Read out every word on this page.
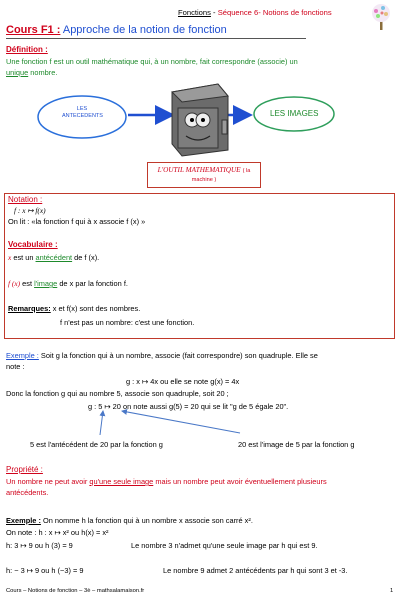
Fonctions - Séquence 6- Notions de fonctions
Cours F1 : Approche de la notion de fonction
Définition :
Une fonction f est un outil mathématique qui, à un nombre, fait correspondre (associe) un
unique nombre.
LES ANTECEDENTS	LES IMAGES
L'OUTIL MATHEMATIQUE ( la machine )
Notation :
f : x ↦ f(x)
On lit : «la fonction f qui à x associe f (x) »
Vocabulaire :
x est un antécédent de f (x).
f (x) est l'image de x par la fonction f.
Remarques: x et f(x) sont des nombres.
f n'est pas un nombre: c'est une fonction.
Exemple : Soit g la fonction qui à un nombre, associe (fait correspondre) son quadruple. Elle se
note :
g : x ↦ 4x ou elle se note g(x) = 4x
Donc la fonction g qui au nombre 5, associe son quadruple, soit 20 ;
g : 5 ↦ 20 on note aussi g(5) = 20 qui se lit "g de 5 égale 20".
5 est l'antécédent de 20 par la fonction g	20 est l'image de 5 par la fonction g
Propriété :
Un nombre ne peut avoir qu'une seule image mais un nombre peut avoir éventuellement plusieurs
antécédents.
Exemple : On nomme h la fonction qui à un nombre x associe son carré x².
On note : h : x ↦ x² ou h(x) = x²
h: 3 ↦ 9 ou h (3) = 9	Le nombre 3 n'admet qu'une seule image par h qui est 9.
h: − 3 ↦ 9 ou h (−3) = 9	Le nombre 9 admet 2 antécédents par h qui sont 3 et -3.
Cours – Notions de fonction – 3è – mathsalamaison.fr	1
